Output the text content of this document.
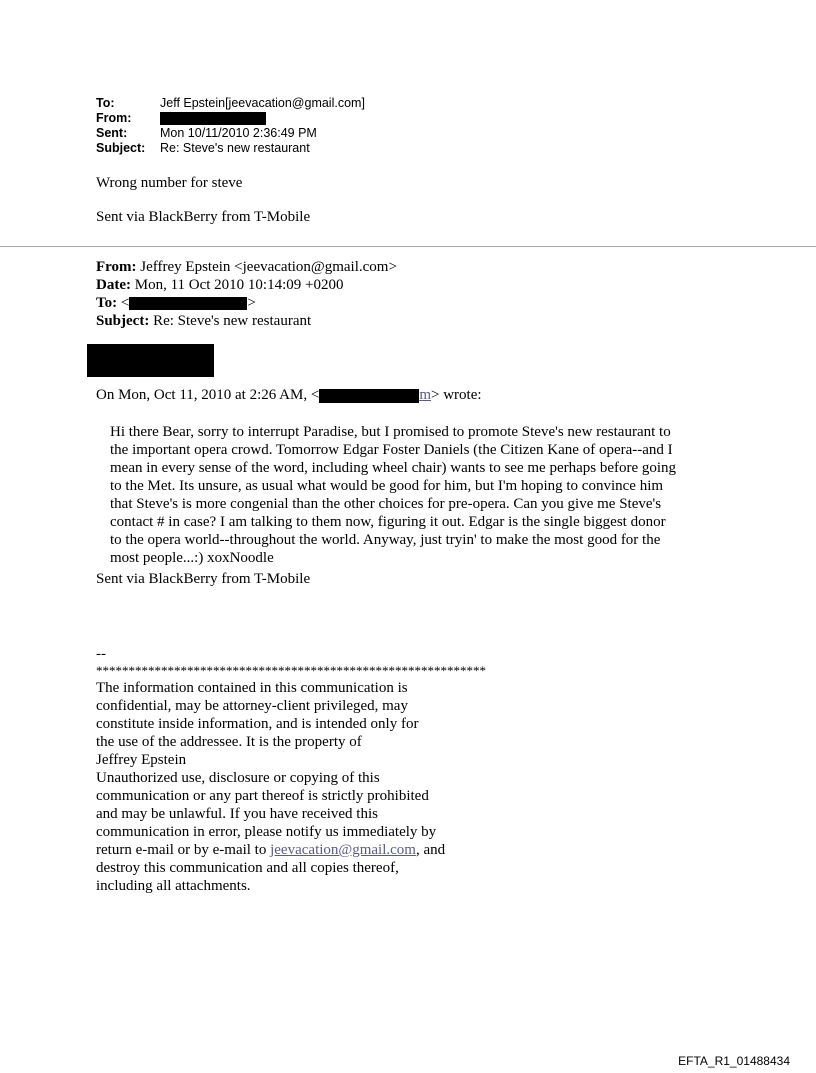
To:	Jeff Epstein[jeevacation@gmail.com]
From:
Sent:	Mon 10/11/2010 2:36:49 PM
Subject:	Re: Steve's new restaurant
Wrong number for steve
Sent via BlackBerry from T-Mobile
From: Jeffrey Epstein <jeevacation@gmail.com>
Date: Mon, 11 Oct 2010 10:14:09 +0200
To: <	>
Subject: Re: Steve's new restaurant
On Mon, Oct 11, 2010 at 2:26 AM, <	m> wrote:
Hi there Bear, sorry to interrupt Paradise, but I promised to promote Steve's new restaurant to
the important opera crowd. Tomorrow Edgar Foster Daniels (the Citizen Kane of opera--and I
mean in every sense of the word, including wheel chair) wants to see me perhaps before going
to the Met. Its unsure, as usual what would be good for him, but I'm hoping to convince him
that Steve's is more congenial than the other choices for pre-opera. Can you give me Steve's
contact # in case? I am talking to them now, figuring it out. Edgar is the single biggest donor
to the opera world--throughout the world. Anyway, just tryin' to make the most good for the
most people...:) xoxNoodle
Sent via BlackBerry from T-Mobile
--
************************************************************
The information contained in this communication is
confidential, may be attorney-client privileged, may
constitute inside information, and is intended only for
the use of the addressee. It is the property of
Jeffrey Epstein
Unauthorized use, disclosure or copying of this
communication or any part thereof is strictly prohibited
and may be unlawful. If you have received this
communication in error, please notify us immediately by
return e-mail or by e-mail to jeevacation@gmail.com, and
destroy this communication and all copies thereof,
including all attachments.
EFTA_R1_01488434
